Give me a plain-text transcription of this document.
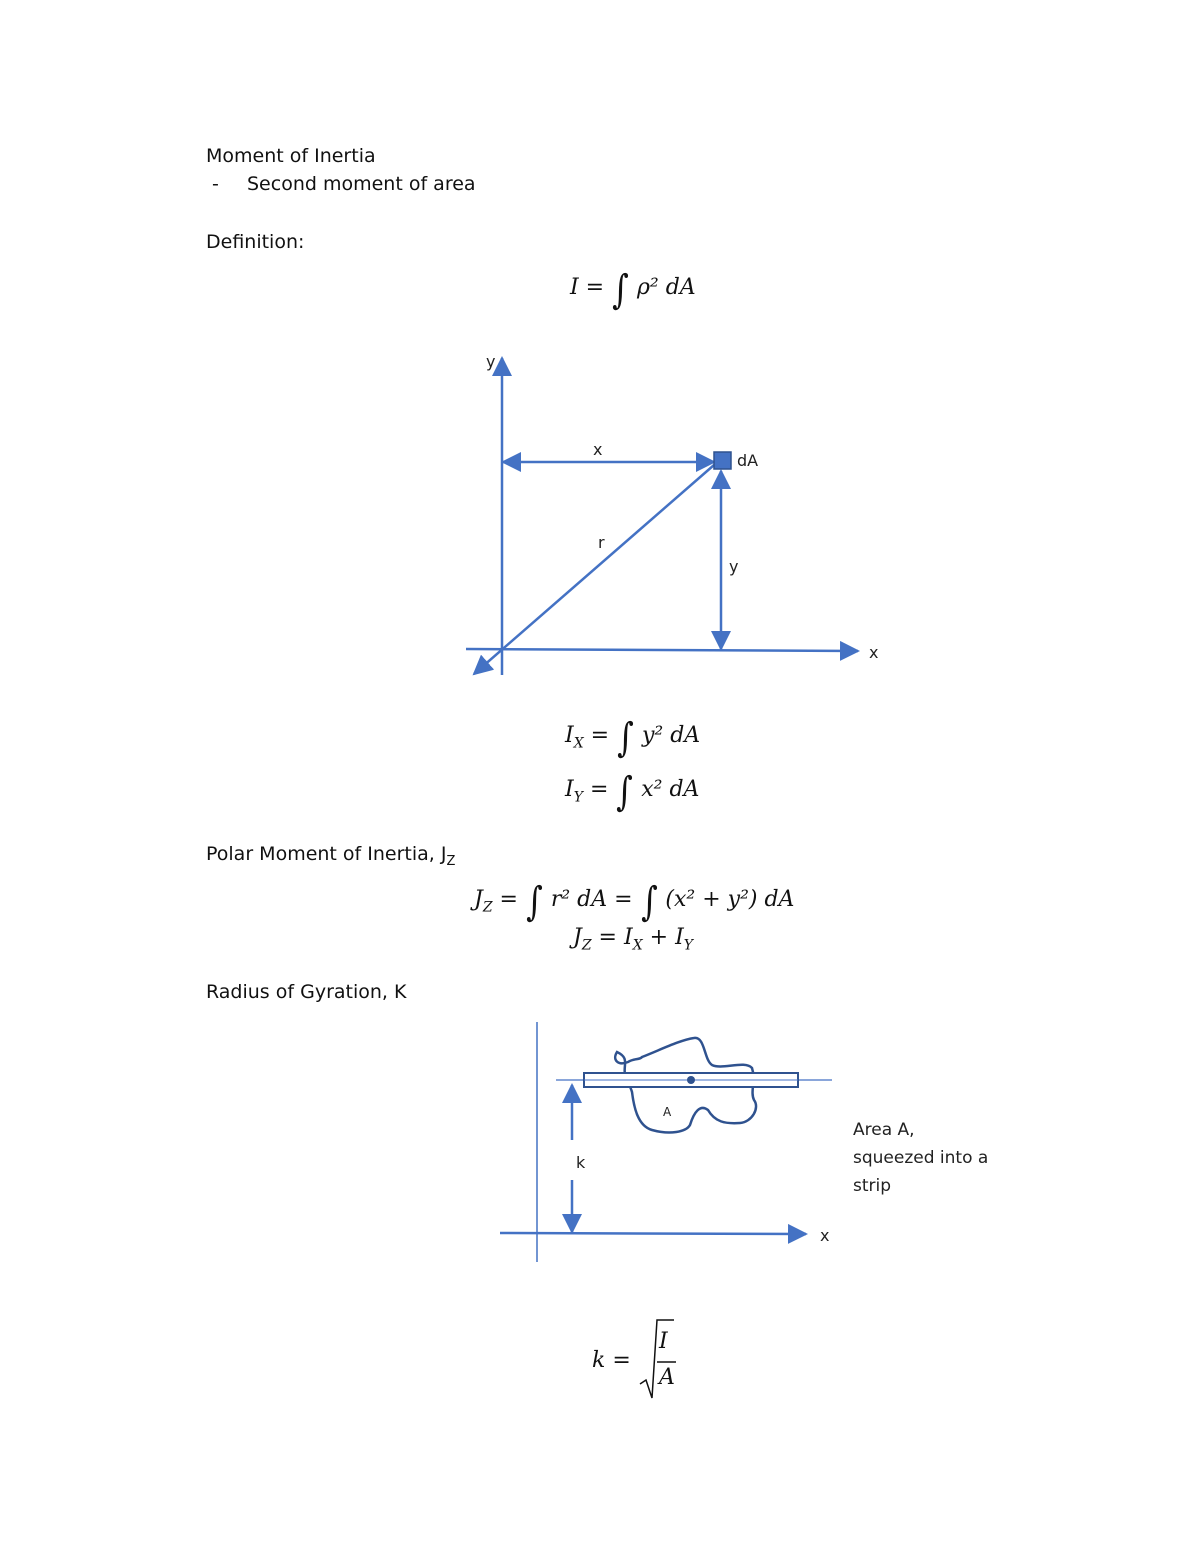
Moment of Inertia
- Second moment of area
Definition:
I = ∫ ρ² dA
y
x
x
y
r
dA
$I_X$ = ∫ y² dA
$I_Y$ = ∫ x² dA
Polar Moment of Inertia, $J_Z$
$J_Z$ = ∫ r² dA = ∫ (x² + y²) dA
$J_Z = I_X + I_Y$
Radius of Gyration, K
A
k
x
Area A,
squeezed into a
strip
k =
I
A
